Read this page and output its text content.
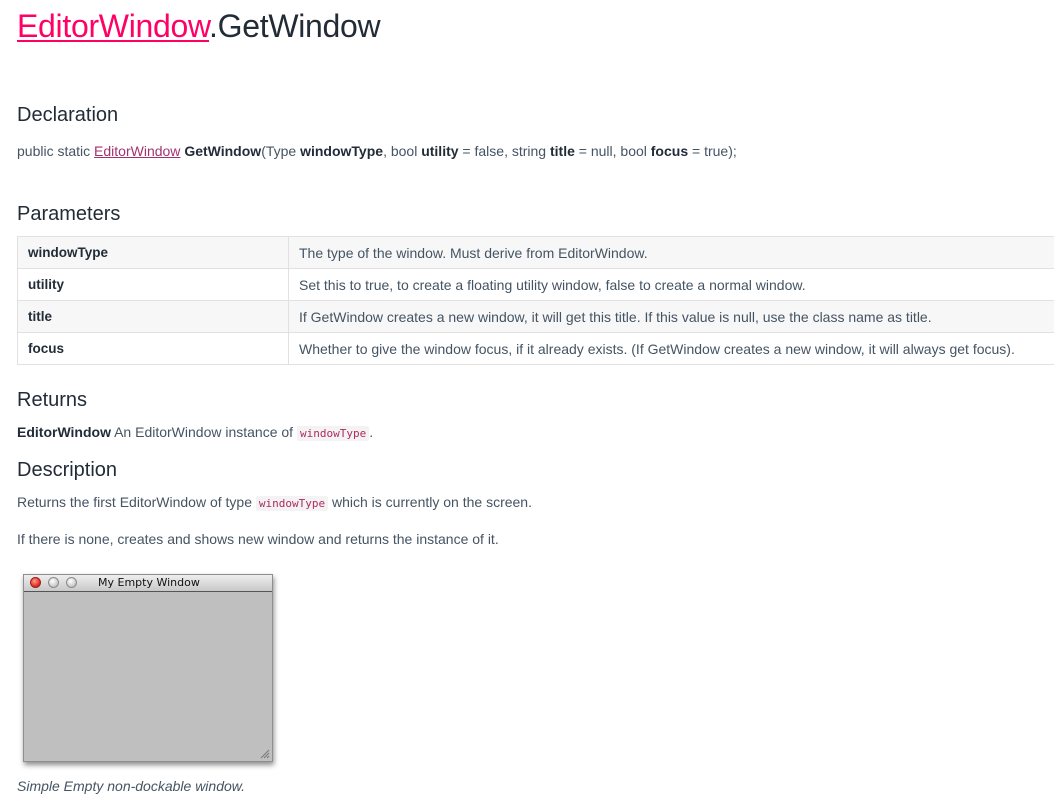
EditorWindow.GetWindow
Declaration

public static EditorWindow GetWindow(Type windowType, bool utility = false, string title = null, bool focus = true);

Parameters
windowType	The type of the window. Must derive from EditorWindow.
utility	Set this to true, to create a floating utility window, false to create a normal window.
title	If GetWindow creates a new window, it will get this title. If this value is null, use the class name as title.
focus	Whether to give the window focus, if it already exists. (If GetWindow creates a new window, it will always get focus).
Returns

EditorWindow An EditorWindow instance of windowType .

Description

Returns the first EditorWindow of type windowType which is currently on the screen.

If there is none, creates and shows new window and returns the instance of it.

My Empty Window
Simple Empty non-dockable window.
